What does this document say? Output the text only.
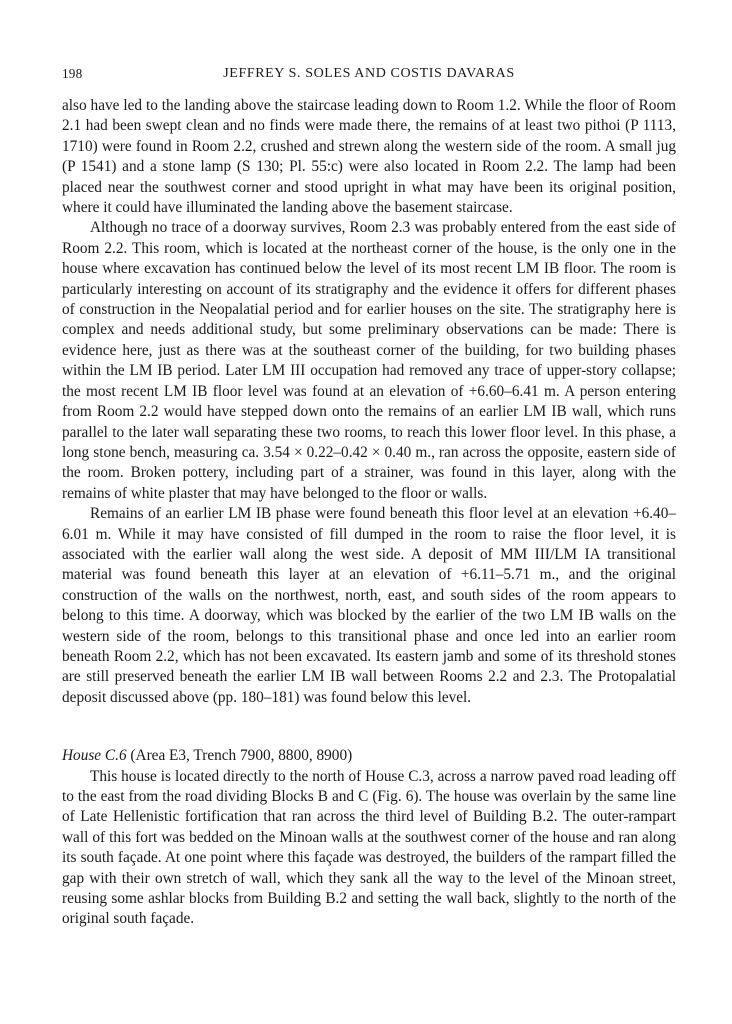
198	JEFFREY S. SOLES AND COSTIS DAVARAS

also have led to the landing above the staircase leading down to Room 1.2. While the floor of Room 2.1 had been swept clean and no finds were made there, the remains of at least two pithoi (P 1113, 1710) were found in Room 2.2, crushed and strewn along the western side of the room. A small jug (P 1541) and a stone lamp (S 130; Pl. 55:c) were also located in Room 2.2. The lamp had been placed near the southwest corner and stood upright in what may have been its original position, where it could have illuminated the landing above the basement staircase.

Although no trace of a doorway survives, Room 2.3 was probably entered from the east side of Room 2.2. This room, which is located at the northeast corner of the house, is the only one in the house where excavation has continued below the level of its most recent LM IB floor. The room is particularly interesting on account of its stratigraphy and the evidence it offers for different phases of construction in the Neopalatial period and for earlier houses on the site. The stratigraphy here is complex and needs additional study, but some preliminary observations can be made: There is evidence here, just as there was at the southeast corner of the building, for two building phases within the LM IB period. Later LM III occupation had removed any trace of upper-story collapse; the most recent LM IB floor level was found at an elevation of +6.60–6.41 m. A person entering from Room 2.2 would have stepped down onto the remains of an earlier LM IB wall, which runs parallel to the later wall separating these two rooms, to reach this lower floor level. In this phase, a long stone bench, measuring ca. 3.54 × 0.22–0.42 × 0.40 m., ran across the opposite, eastern side of the room. Broken pottery, including part of a strainer, was found in this layer, along with the remains of white plaster that may have belonged to the floor or walls.

Remains of an earlier LM IB phase were found beneath this floor level at an elevation +6.40–6.01 m. While it may have consisted of fill dumped in the room to raise the floor level, it is associated with the earlier wall along the west side. A deposit of MM III/LM IA transitional material was found beneath this layer at an elevation of +6.11–5.71 m., and the original construction of the walls on the northwest, north, east, and south sides of the room appears to belong to this time. A doorway, which was blocked by the earlier of the two LM IB walls on the western side of the room, belongs to this transitional phase and once led into an earlier room beneath Room 2.2, which has not been excavated. Its eastern jamb and some of its threshold stones are still preserved beneath the earlier LM IB wall between Rooms 2.2 and 2.3. The Protopalatial deposit discussed above (pp. 180–181) was found below this level.

House C.6 (Area E3, Trench 7900, 8800, 8900)

This house is located directly to the north of House C.3, across a narrow paved road leading off to the east from the road dividing Blocks B and C (Fig. 6). The house was overlain by the same line of Late Hellenistic fortification that ran across the third level of Building B.2. The outer-rampart wall of this fort was bedded on the Minoan walls at the southwest corner of the house and ran along its south façade. At one point where this façade was destroyed, the builders of the rampart filled the gap with their own stretch of wall, which they sank all the way to the level of the Minoan street, reusing some ashlar blocks from Building B.2 and setting the wall back, slightly to the north of the original south façade.
